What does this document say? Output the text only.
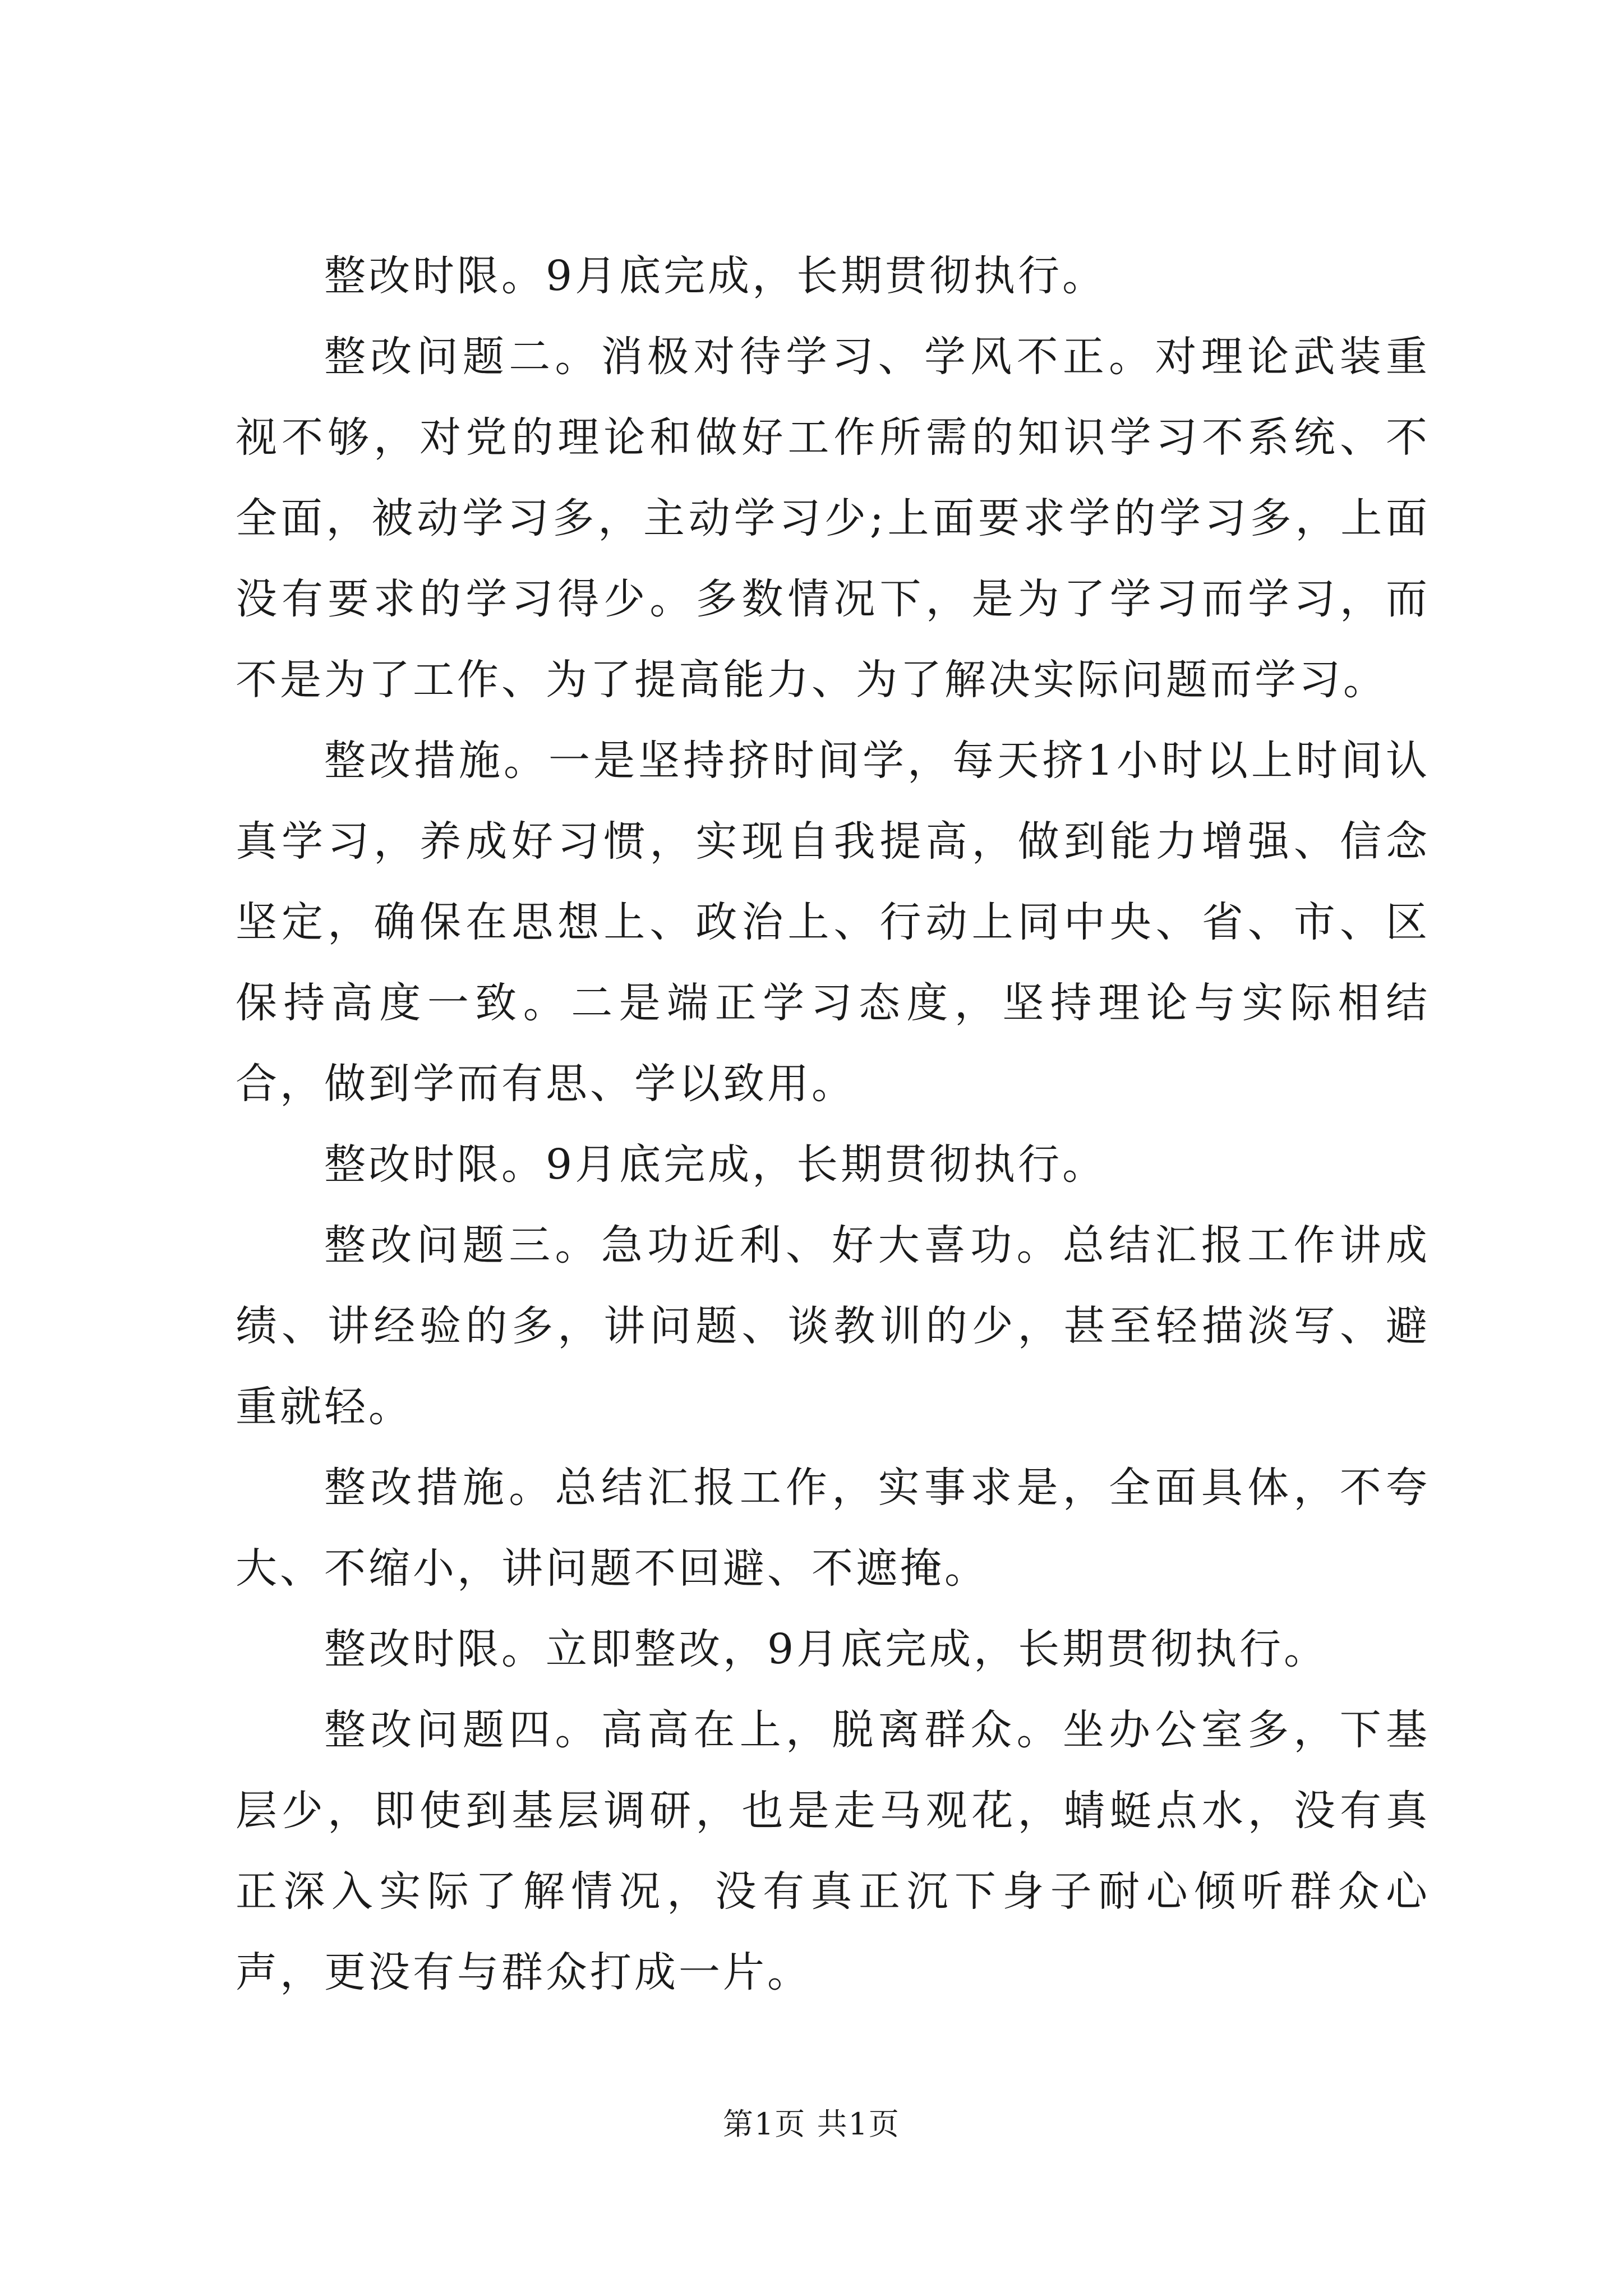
整改时限。9月底完成，长期贯彻执行。

整改问题二。消极对待学习、学风不正。对理论武装重视不够，对党的理论和做好工作所需的知识学习不系统、不全面，被动学习多，主动学习少;上面要求学的学习多，上面没有要求的学习得少。多数情况下，是为了学习而学习，而不是为了工作、为了提高能力、为了解决实际问题而学习。

整改措施。一是坚持挤时间学，每天挤1小时以上时间认真学习，养成好习惯，实现自我提高，做到能力增强、信念坚定，确保在思想上、政治上、行动上同中央、省、市、区保持高度一致。二是端正学习态度，坚持理论与实际相结合，做到学而有思、学以致用。

整改时限。9月底完成，长期贯彻执行。

整改问题三。急功近利、好大喜功。总结汇报工作讲成绩、讲经验的多，讲问题、谈教训的少，甚至轻描淡写、避重就轻。

整改措施。总结汇报工作，实事求是，全面具体，不夸大、不缩小，讲问题不回避、不遮掩。

整改时限。立即整改，9月底完成，长期贯彻执行。

整改问题四。高高在上，脱离群众。坐办公室多，下基层少，即使到基层调研，也是走马观花，蜻蜓点水，没有真正深入实际了解情况，没有真正沉下身子耐心倾听群众心声，更没有与群众打成一片。

第1页 共1页
